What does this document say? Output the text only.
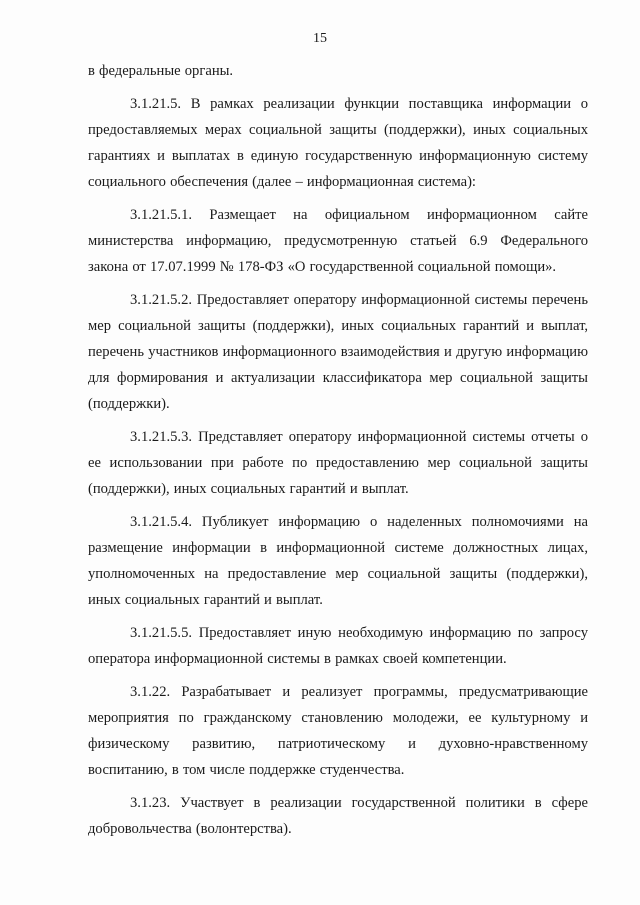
15

в федеральные органы.

3.1.21.5. В рамках реализации функции поставщика информации о предоставляемых мерах социальной защиты (поддержки), иных социальных гарантиях и выплатах в единую государственную информационную систему социального обеспечения (далее – информационная система):

3.1.21.5.1. Размещает на официальном информационном сайте министерства информацию, предусмотренную статьей 6.9 Федерального закона от 17.07.1999 № 178-ФЗ «О государственной социальной помощи».

3.1.21.5.2. Предоставляет оператору информационной системы перечень мер социальной защиты (поддержки), иных социальных гарантий и выплат, перечень участников информационного взаимодействия и другую информацию для формирования и актуализации классификатора мер социальной защиты (поддержки).

3.1.21.5.3. Представляет оператору информационной системы отчеты о ее использовании при работе по предоставлению мер социальной защиты (поддержки), иных социальных гарантий и выплат.

3.1.21.5.4. Публикует информацию о наделенных полномочиями на размещение информации в информационной системе должностных лицах, уполномоченных на предоставление мер социальной защиты (поддержки), иных социальных гарантий и выплат.

3.1.21.5.5. Предоставляет иную необходимую информацию по запросу оператора информационной системы в рамках своей компетенции.

3.1.22. Разрабатывает и реализует программы, предусматривающие мероприятия по гражданскому становлению молодежи, ее культурному и физическому развитию, патриотическому и духовно-нравственному воспитанию, в том числе поддержке студенчества.

3.1.23. Участвует в реализации государственной политики в сфере добровольчества (волонтерства).
